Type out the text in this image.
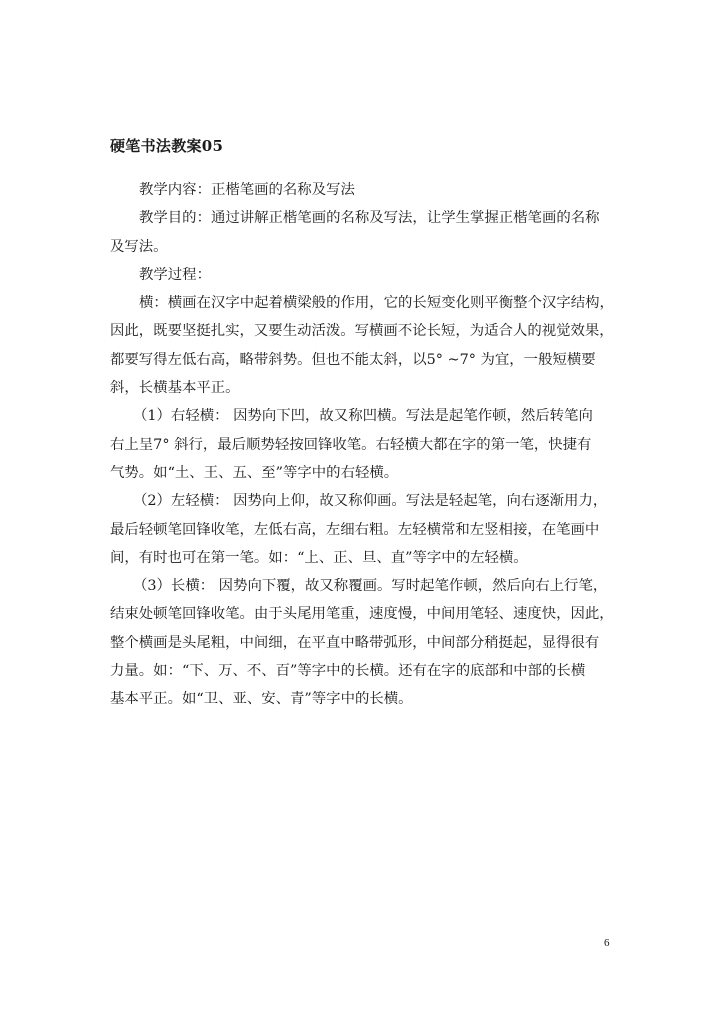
硬笔书法教案05
教学内容：正楷笔画的名称及写法
教学目的：通过讲解正楷笔画的名称及写法，让学生掌握正楷笔画的名称
及写法。
教学过程：
横：横画在汉字中起着横梁般的作用，它的长短变化则平衡整个汉字结构，
因此，既要坚挺扎实，又要生动活泼。写横画不论长短，为适合人的视觉效果，
都要写得左低右高，略带斜势。但也不能太斜，以5° ~7° 为宜，一般短横要
斜，长横基本平正。
（1）右轻横： 因势向下凹，故又称凹横。写法是起笔作顿，然后转笔向
右上呈7° 斜行，最后顺势轻按回锋收笔。右轻横大都在字的第一笔，快捷有
气势。如“土、王、五、至”等字中的右轻横。
（2）左轻横： 因势向上仰，故又称仰画。写法是轻起笔，向右逐渐用力，
最后轻顿笔回锋收笔，左低右高，左细右粗。左轻横常和左竖相接，在笔画中
间，有时也可在第一笔。如：“上、正、旦、直”等字中的左轻横。
（3）长横： 因势向下覆，故又称覆画。写时起笔作顿，然后向右上行笔，
结束处顿笔回锋收笔。由于头尾用笔重，速度慢，中间用笔轻、速度快，因此，
整个横画是头尾粗，中间细，在平直中略带弧形，中间部分稍挺起，显得很有
力量。如：“下、万、不、百”等字中的长横。还有在字的底部和中部的长横
基本平正。如“卫、亚、安、青”等字中的长横。
6
